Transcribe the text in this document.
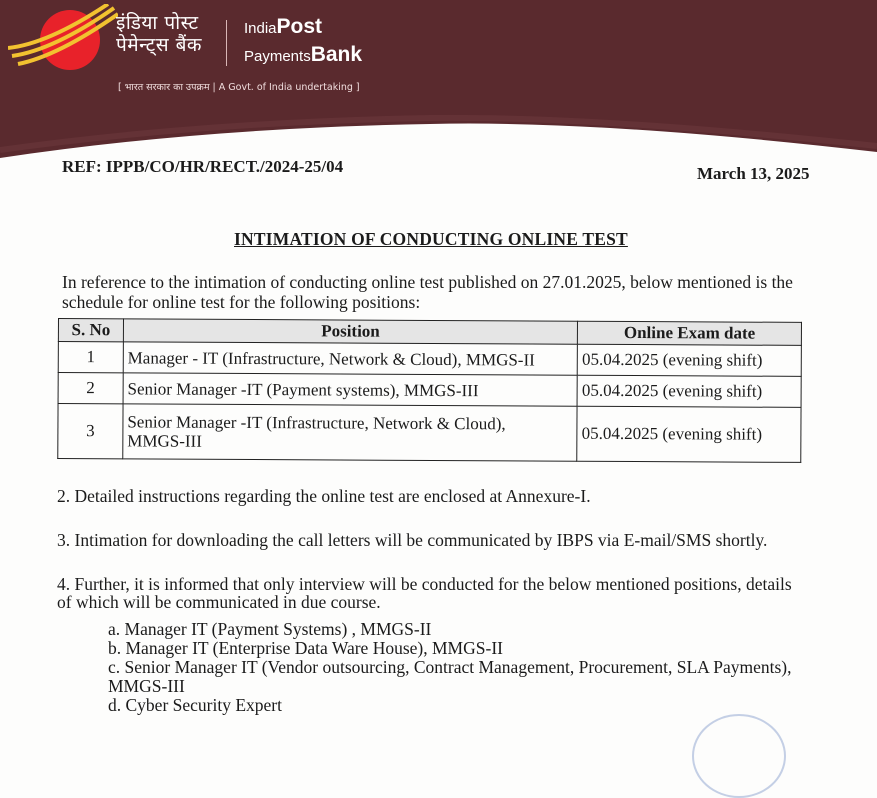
इंडिया पोस्ट
पेमेन्ट्स बैंक
IndiaPost
PaymentsBank
[ भारत सरकार का उपक्रम | A Govt. of India undertaking ]
REF: IPPB/CO/HR/RECT./2024-25/04	March 13, 2025
INTIMATION OF CONDUCTING ONLINE TEST
In reference to the intimation of conducting online test published on 27.01.2025, below mentioned is the
schedule for online test for the following positions:
S. No	Position	Online Exam date
1	Manager - IT (Infrastructure, Network & Cloud), MMGS-II	05.04.2025 (evening shift)
2	Senior Manager -IT (Payment systems), MMGS-III	05.04.2025 (evening shift)
3	Senior Manager -IT (Infrastructure, Network & Cloud),
MMGS-III	05.04.2025 (evening shift)
2. Detailed instructions regarding the online test are enclosed at Annexure-I.
3. Intimation for downloading the call letters will be communicated by IBPS via E-mail/SMS shortly.
4. Further, it is informed that only interview will be conducted for the below mentioned positions, details
of which will be communicated in due course.
a. Manager IT (Payment Systems) , MMGS-II
b. Manager IT (Enterprise Data Ware House), MMGS-II
c. Senior Manager IT (Vendor outsourcing, Contract Management, Procurement, SLA Payments),
MMGS-III
d. Cyber Security Expert
